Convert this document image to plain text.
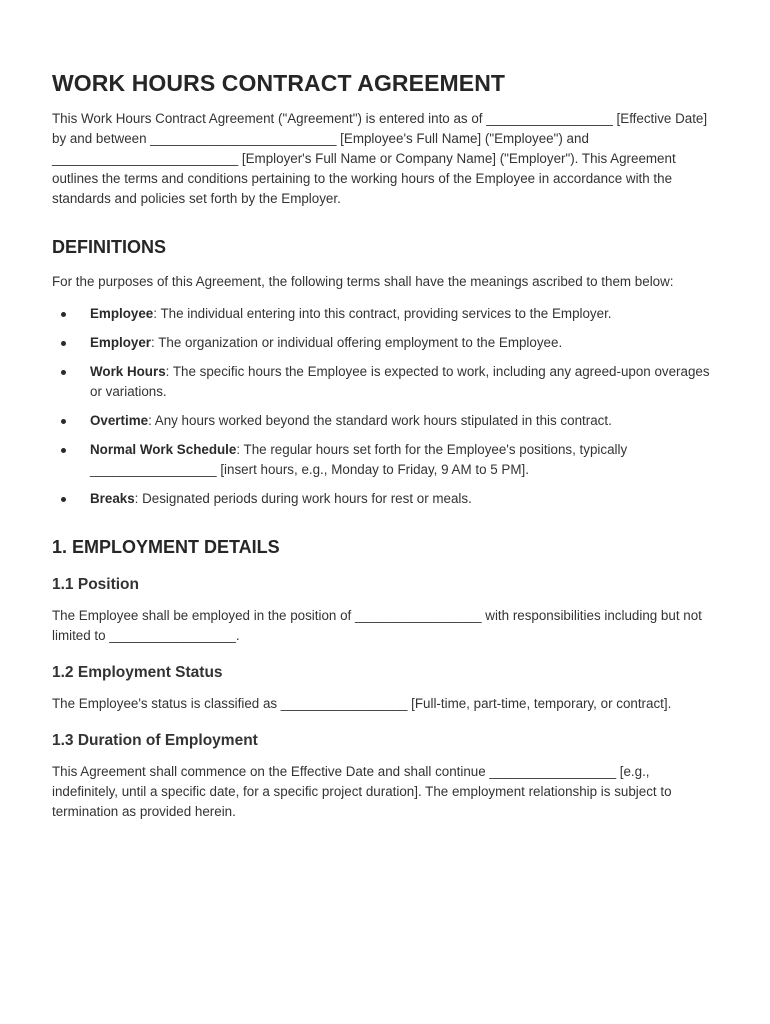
WORK HOURS CONTRACT AGREEMENT

This Work Hours Contract Agreement ("Agreement") is entered into as of _________________ [Effective Date] by and between _________________________ [Employee's Full Name] ("Employee") and _________________________ [Employer's Full Name or Company Name] ("Employer"). This Agreement outlines the terms and conditions pertaining to the working hours of the Employee in accordance with the standards and policies set forth by the Employer.

DEFINITIONS

For the purposes of this Agreement, the following terms shall have the meanings ascribed to them below:

Employee: The individual entering into this contract, providing services to the Employer.
Employer: The organization or individual offering employment to the Employee.
Work Hours: The specific hours the Employee is expected to work, including any agreed-upon overages or variations.
Overtime: Any hours worked beyond the standard work hours stipulated in this contract.
Normal Work Schedule: The regular hours set forth for the Employee's positions, typically _________________ [insert hours, e.g., Monday to Friday, 9 AM to 5 PM].
Breaks: Designated periods during work hours for rest or meals.
1. EMPLOYMENT DETAILS
1.1 Position

The Employee shall be employed in the position of _________________ with responsibilities including but not limited to _________________.

1.2 Employment Status

The Employee's status is classified as _________________ [Full-time, part-time, temporary, or contract].

1.3 Duration of Employment

This Agreement shall commence on the Effective Date and shall continue _________________ [e.g., indefinitely, until a specific date, for a specific project duration]. The employment relationship is subject to termination as provided herein.
